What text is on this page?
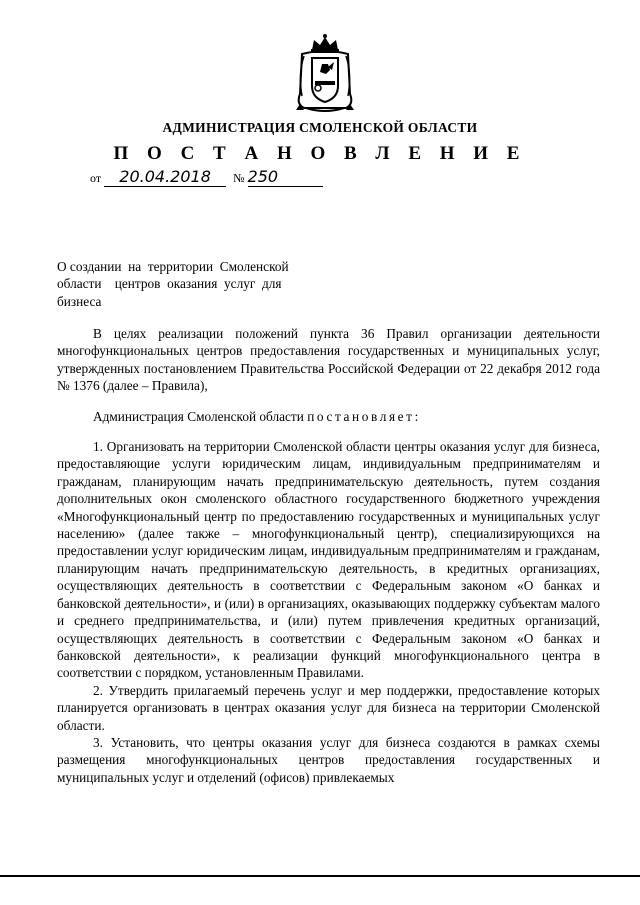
АДМИНИСТРАЦИЯ СМОЛЕНСКОЙ ОБЛАСТИ
П О С Т А Н О В Л Е Н И Е
от 20.04.2018 № 250

О создании  на  территории  Смоленской

области    центров  оказания  услуг  для

бизнеса

В целях реализации положений пункта 36 Правил организации деятельности многофункциональных центров предоставления государственных и муниципальных услуг, утвержденных постановлением Правительства Российской Федерации от 22 декабря 2012 года № 1376 (далее – Правила),

Администрация Смоленской области постановляет:

1. Организовать на территории Смоленской области центры оказания услуг для бизнеса, предоставляющие услуги юридическим лицам, индивидуальным предпринимателям и гражданам, планирующим начать предпринимательскую деятельность, путем создания дополнительных окон смоленского областного государственного бюджетного учреждения «Многофункциональный центр по предоставлению государственных и муниципальных услуг населению» (далее также – многофункциональный центр), специализирующихся на предоставлении услуг юридическим лицам, индивидуальным предпринимателям и гражданам, планирующим начать предпринимательскую деятельность, в кредитных организациях, осуществляющих деятельность в соответствии с Федеральным законом «О банках и банковской деятельности», и (или) в организациях, оказывающих поддержку субъектам малого и среднего предпринимательства, и (или) путем привлечения кредитных организаций, осуществляющих деятельность в соответствии с Федеральным законом «О банках и банковской деятельности», к реализации функций многофункционального центра в соответствии с порядком, установленным Правилами.

2. Утвердить прилагаемый перечень услуг и мер поддержки, предоставление которых планируется организовать в центрах оказания услуг для бизнеса на территории Смоленской области.

3. Установить, что центры оказания услуг для бизнеса создаются в рамках схемы размещения многофункциональных центров предоставления государственных и муниципальных услуг и отделений (офисов) привлекаемых
